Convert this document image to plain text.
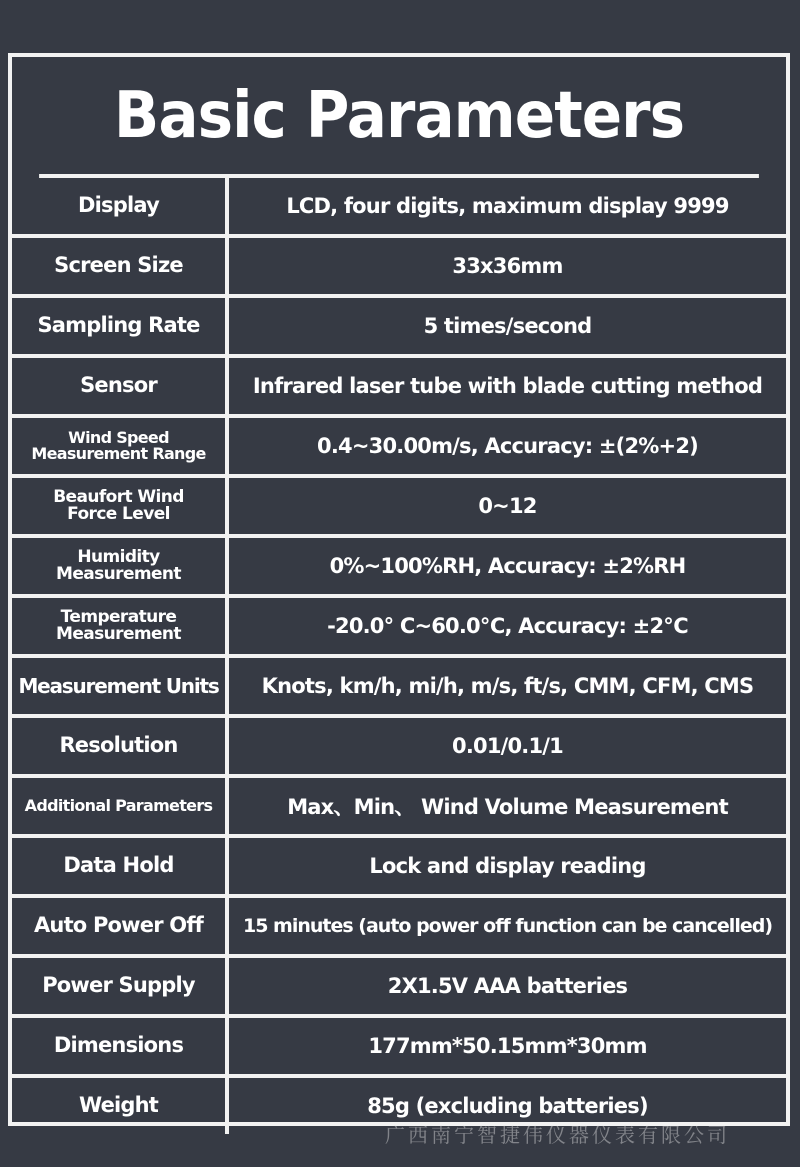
Basic Parameters
Display	LCD, four digits, maximum display 9999
Screen Size	33x36mm
Sampling Rate	5 times/second
Sensor	Infrared laser tube with blade cutting method
Wind Speed
Measurement Range	0.4~30.00m/s, Accuracy: ±(2%+2)
Beaufort Wind
Force Level	0~12
Humidity
Measurement	0%~100%RH, Accuracy: ±2%RH
Temperature
Measurement	-20.0° C~60.0℃, Accuracy: ±2℃
Measurement Units	Knots, km/h, mi/h, m/s, ft/s, CMM, CFM, CMS
Resolution	0.01/0.1/1
Additional Parameters	Max、Min、 Wind Volume Measurement
Data Hold	Lock and display reading
Auto Power Off	15 minutes (auto power off function can be cancelled)
Power Supply	2X1.5V AAA batteries
Dimensions	177mm*50.15mm*30mm
Weight	85g (excluding batteries)
广西南宁智捷伟仪器仪表有限公司
